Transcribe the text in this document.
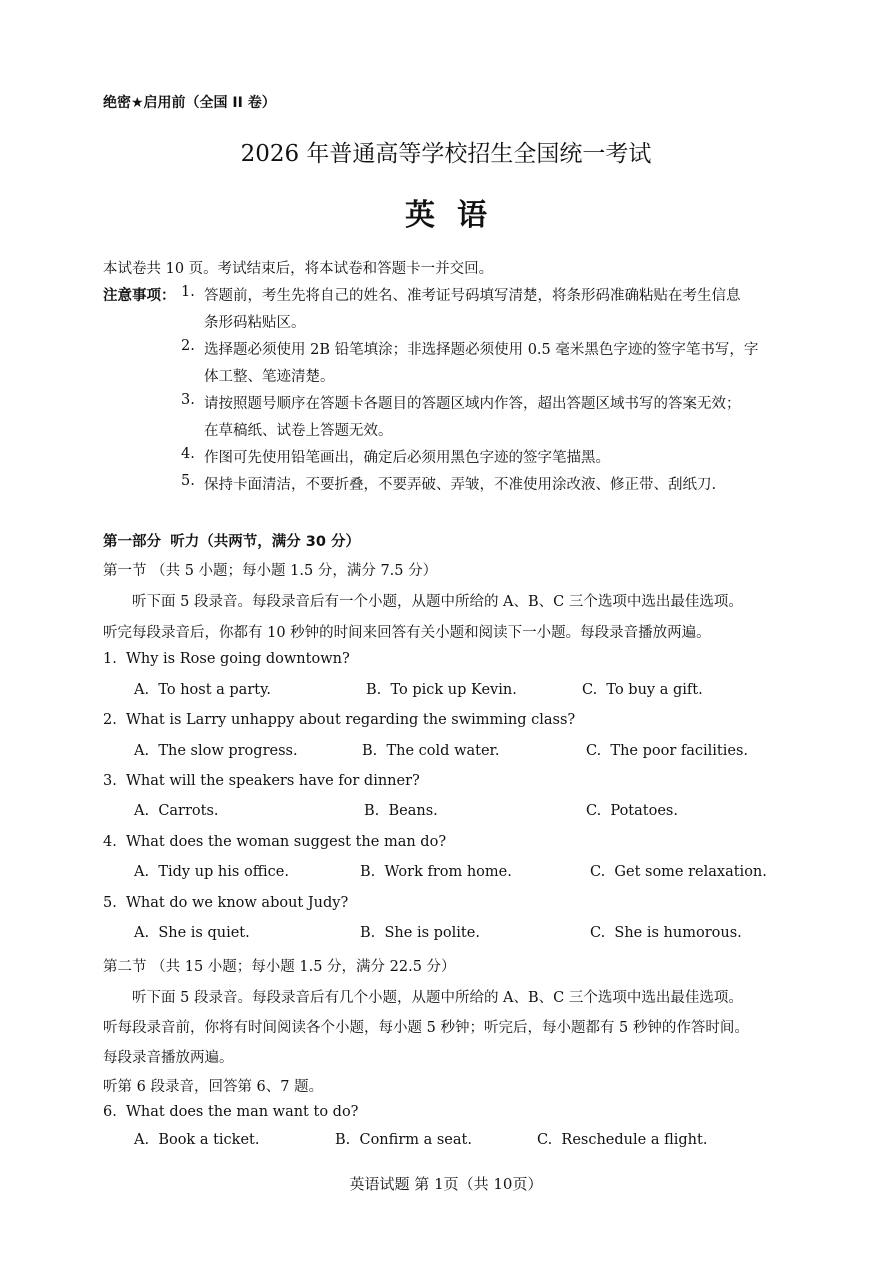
绝密★启用前（全国 II 卷）
2026 年普通高等学校招生全国统一考试
英语
本试卷共 10 页。考试结束后，将本试卷和答题卡一并交回。
注意事项： 1. 答题前，考生先将自己的姓名、准考证号码填写清楚，将条形码准确粘贴在考生信息
条形码粘贴区。
2. 选择题必须使用 2B 铅笔填涂；非选择题必须使用 0.5 毫米黑色字迹的签字笔书写，字
体工整、笔迹清楚。
3. 请按照题号顺序在答题卡各题目的答题区域内作答，超出答题区域书写的答案无效；
在草稿纸、试卷上答题无效。
4. 作图可先使用铅笔画出，确定后必须用黑色字迹的签字笔描黑。
5. 保持卡面清洁，不要折叠，不要弄破、弄皱，不准使用涂改液、修正带、刮纸刀.
第一部分 听力（共两节，满分 30 分）
第一节 （共 5 小题；每小题 1.5 分，满分 7.5 分）
听下面 5 段录音。每段录音后有一个小题，从题中所给的 A、B、C 三个选项中选出最佳选项。
听完每段录音后，你都有 10 秒钟的时间来回答有关小题和阅读下一小题。每段录音播放两遍。
1. Why is Rose going downtown?
A. To host a party.	B. To pick up Kevin.	C. To buy a gift.
2. What is Larry unhappy about regarding the swimming class?
A. The slow progress.	B. The cold water.	C. The poor facilities.
3. What will the speakers have for dinner?
A. Carrots.	B. Beans.	C. Potatoes.
4. What does the woman suggest the man do?
A. Tidy up his office.	B. Work from home.	C. Get some relaxation.
5. What do we know about Judy?
A. She is quiet.	B. She is polite.	C. She is humorous.
第二节 （共 15 小题；每小题 1.5 分，满分 22.5 分）
听下面 5 段录音。每段录音后有几个小题，从题中所给的 A、B、C 三个选项中选出最佳选项。
听每段录音前，你将有时间阅读各个小题，每小题 5 秒钟；听完后，每小题都有 5 秒钟的作答时间。
每段录音播放两遍。
听第 6 段录音，回答第 6、7 题。
6. What does the man want to do?
A. Book a ticket.	B. Confirm a seat.	C. Reschedule a flight.
英语试题 第 1页（共 10页）
